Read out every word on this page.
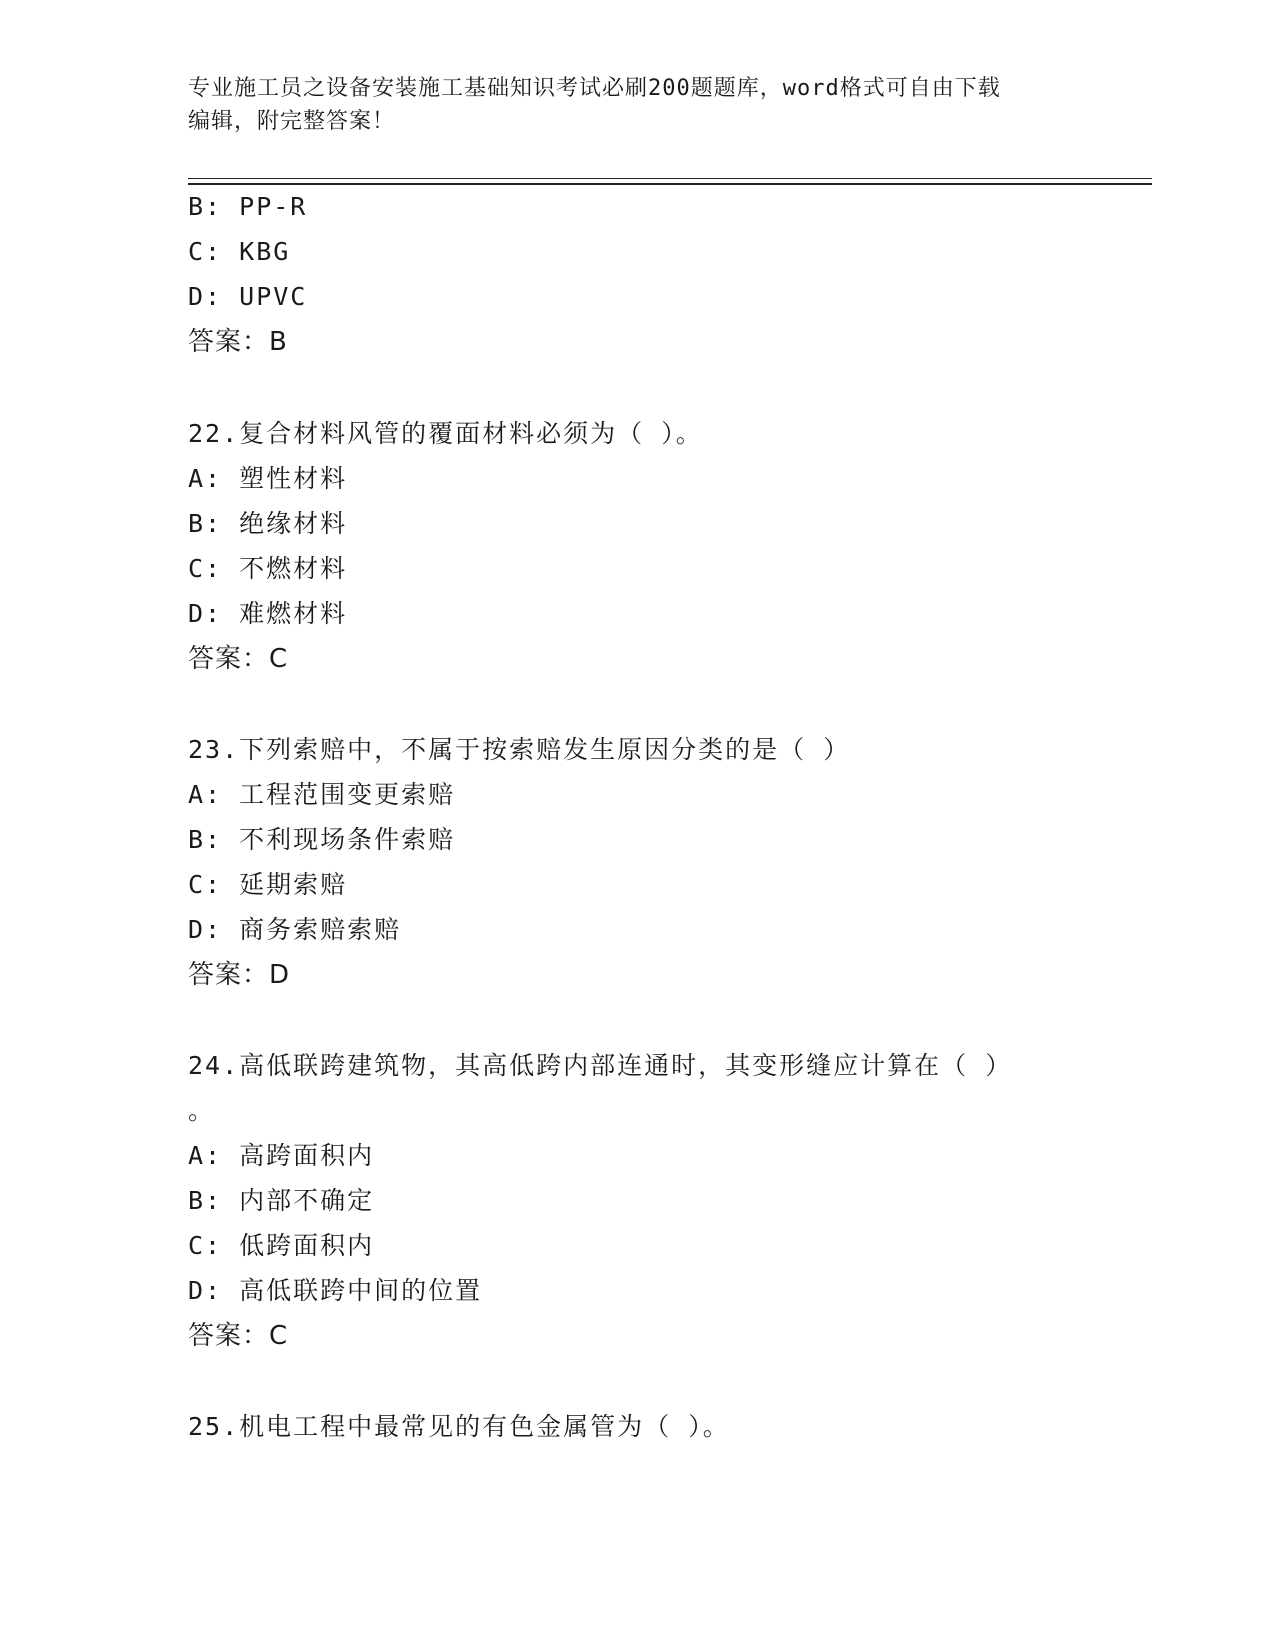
专业施工员之设备安装施工基础知识考试必刷200题题库，word格式可自由下载
编辑，附完整答案！
B: PP-R
C: KBG
D: UPVC
答案：B
22.复合材料风管的覆面材料必须为（ ）。
A: 塑性材料
B: 绝缘材料
C: 不燃材料
D: 难燃材料
答案：C
23.下列索赔中，不属于按索赔发生原因分类的是（ ）
A: 工程范围变更索赔
B: 不利现场条件索赔
C: 延期索赔
D: 商务索赔索赔
答案：D
24.高低联跨建筑物，其高低跨内部连通时，其变形缝应计算在（ ）
。
A: 高跨面积内
B: 内部不确定
C: 低跨面积内
D: 高低联跨中间的位置
答案：C
25.机电工程中最常见的有色金属管为（ ）。
